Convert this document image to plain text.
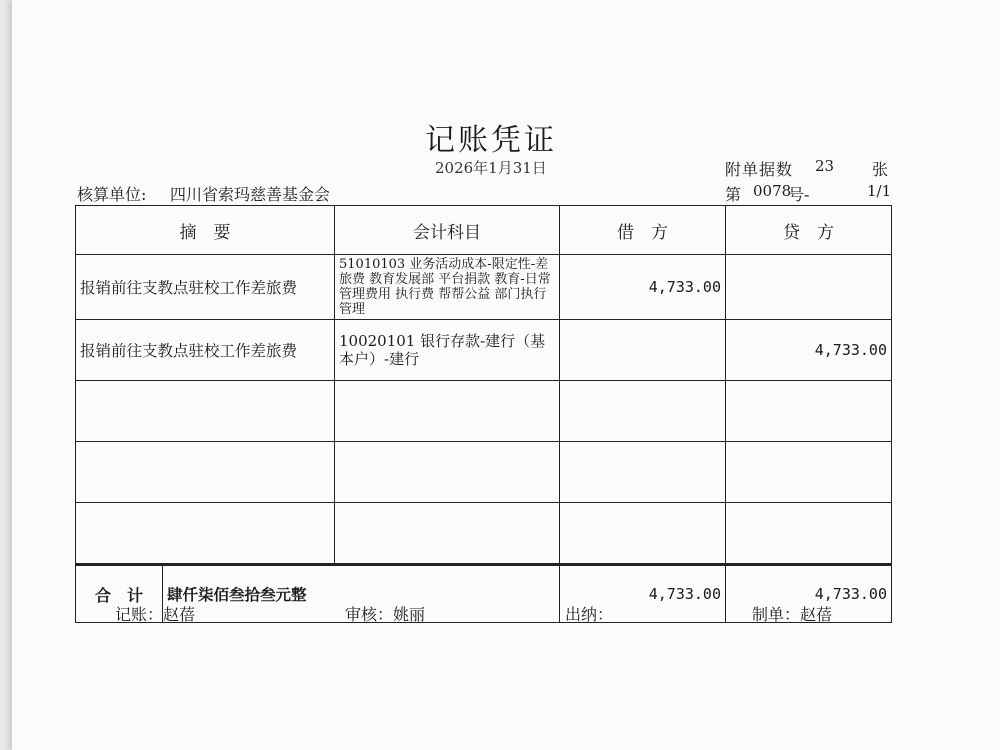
记账凭证
2026年1月31日	附单据数 23 张
核算单位: 四川省索玛慈善基金会	第 0078
号-	1/1
摘　要	会计科目	借　方	贷　方
报销前往支教点驻校工作差旅费	51010103 业务活动成本-限定性-差旅费 教育发展部 平台捐款 教育-日常管理费用 执行费 帮帮公益 部门执行管理	4,733.00	
报销前往支教点驻校工作差旅费	10020101 银行存款-建行（基本户）-建行		4,733.00

合　计 肆仟柒佰叁拾叁元整		4,733.00	4,733.00
记账：赵蓓	审核：姚丽	出纳：	制单：赵蓓
